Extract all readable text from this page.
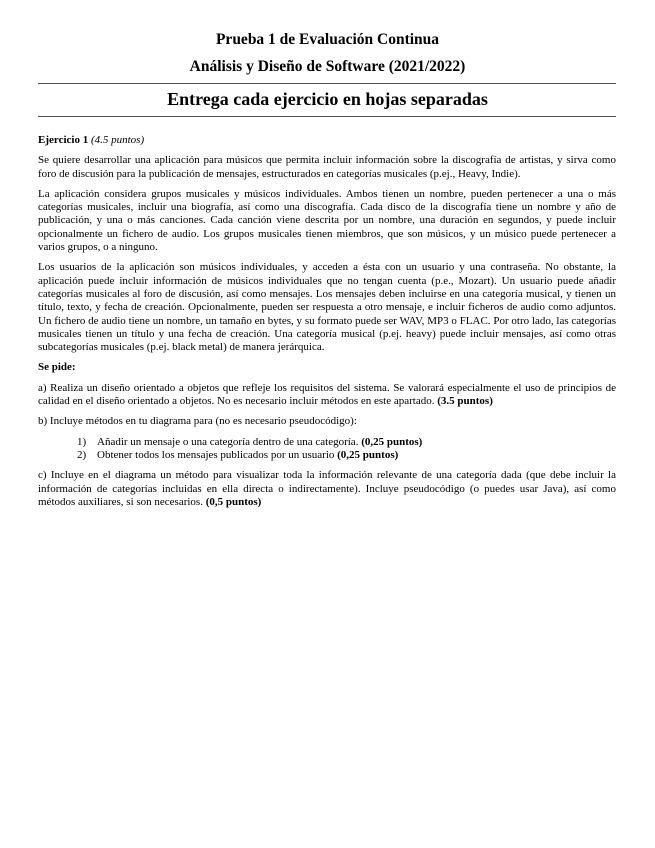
Prueba 1 de Evaluación Continua
Análisis y Diseño de Software (2021/2022)
Entrega cada ejercicio en hojas separadas

Ejercicio 1 (4.5 puntos)

Se quiere desarrollar una aplicación para músicos que permita incluir información sobre la discografía de artistas, y sirva como foro de discusión para la publicación de mensajes, estructurados en categorías musicales (p.ej., Heavy, Indie).

La aplicación considera grupos musicales y músicos individuales. Ambos tienen un nombre, pueden pertenecer a una o más categorías musicales, incluir una biografía, así como una discografía. Cada disco de la discografía tiene un nombre y año de publicación, y una o más canciones. Cada canción viene descrita por un nombre, una duración en segundos, y puede incluir opcionalmente un fichero de audio. Los grupos musicales tienen miembros, que son músicos, y un músico puede pertenecer a varios grupos, o a ninguno.

Los usuarios de la aplicación son músicos individuales, y acceden a ésta con un usuario y una contraseña. No obstante, la aplicación puede incluir información de músicos individuales que no tengan cuenta (p.e., Mozart). Un usuario puede añadir categorías musicales al foro de discusión, así como mensajes. Los mensajes deben incluirse en una categoría musical, y tienen un título, texto, y fecha de creación. Opcionalmente, pueden ser respuesta a otro mensaje, e incluir ficheros de audio como adjuntos. Un fichero de audio tiene un nombre, un tamaño en bytes, y su formato puede ser WAV, MP3 o FLAC. Por otro lado, las categorías musicales tienen un título y una fecha de creación. Una categoría musical (p.ej. heavy) puede incluir mensajes, así como otras subcategorías musicales (p.ej. black metal) de manera jerárquica.

Se pide:

a) Realiza un diseño orientado a objetos que refleje los requisitos del sistema. Se valorará especialmente el uso de principios de calidad en el diseño orientado a objetos. No es necesario incluir métodos en este apartado. (3.5 puntos)

b) Incluye métodos en tu diagrama para (no es necesario pseudocódigo):

1) Añadir un mensaje o una categoría dentro de una categoría. (0,25 puntos)
2) Obtener todos los mensajes publicados por un usuario (0,25 puntos)

c) Incluye en el diagrama un método para visualizar toda la información relevante de una categoría dada (que debe incluir la información de categorías incluidas en ella directa o indirectamente). Incluye pseudocódigo (o puedes usar Java), así como métodos auxiliares, si son necesarios. (0,5 puntos)
